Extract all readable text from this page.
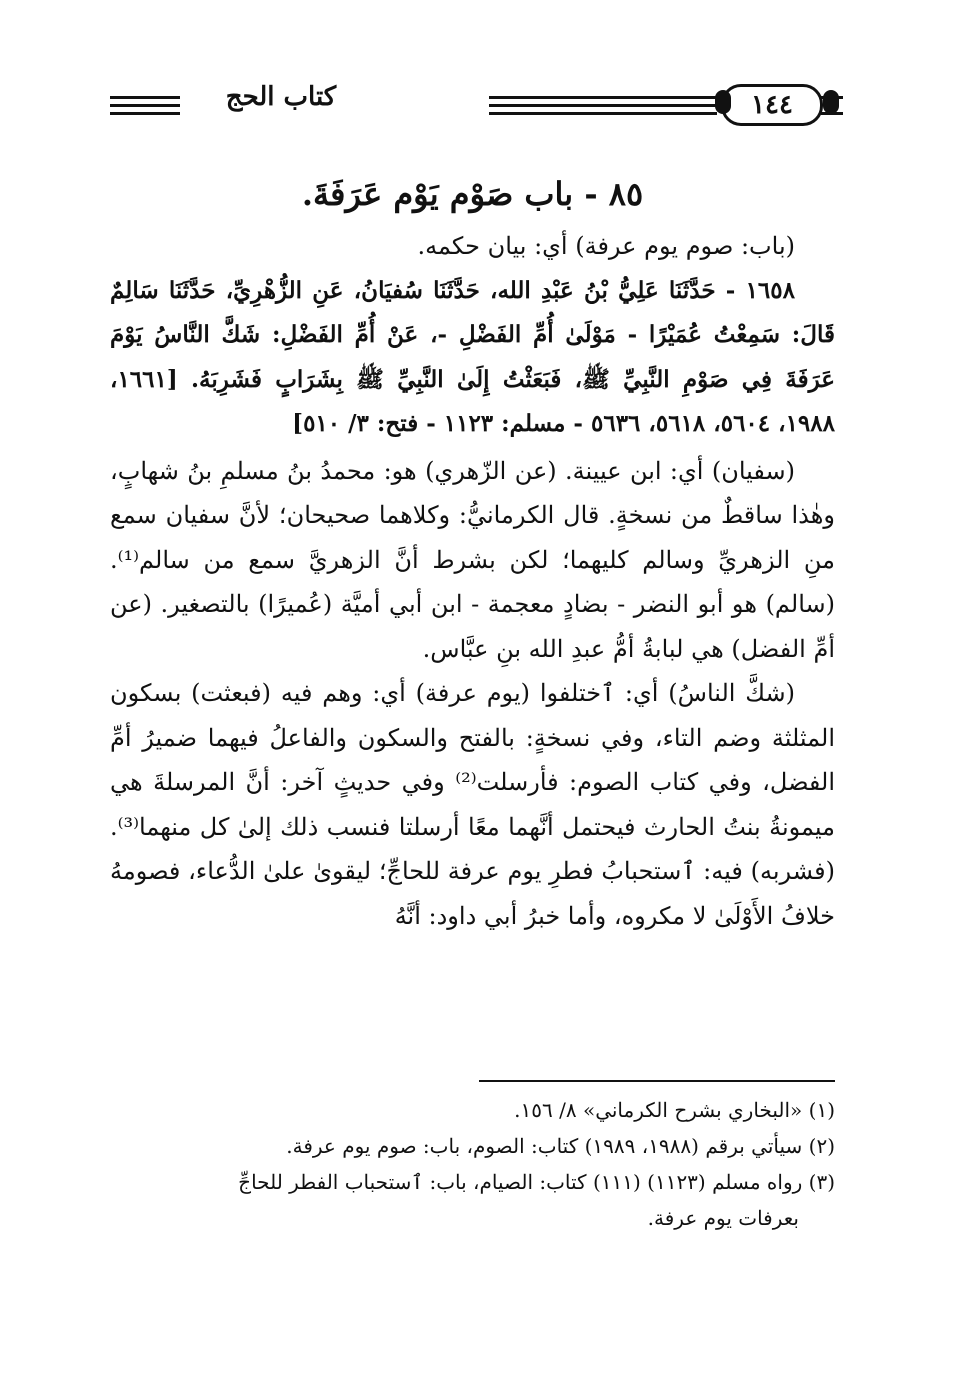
١٤٤
كتاب الحج
٨٥ - باب صَوْم يَوْم عَرَفَةَ.

(باب: صوم يوم عرفة) أي: بيان حكمه.

١٦٥٨ - حَدَّثَنَا عَلِيُّ بْنُ عَبْدِ الله، حَدَّثَنَا سُفيَانُ، عَنِ الزُّهْرِيِّ، حَدَّثَنَا سَالِمٌ قَالَ: سَمِعْتُ عُمَيْرًا - مَوْلَىٰ أُمِّ الفَضْلِ -، عَنْ أُمِّ الفَضْلِ: شَكَّ النَّاسُ يَوْمَ عَرَفَةَ فِي صَوْمِ النَّبِيِّ ﷺ، فَبَعَثْتُ إِلَىٰ النَّبِيِّ ﷺ بِشَرَابٍ فَشَرِبَهُ. [١٦٦١، ١٩٨٨، ٥٦٠٤، ٥٦١٨، ٥٦٣٦ - مسلم: ١١٢٣ - فتح: ٣/ ٥١٠]

(سفيان) أي: ابن عيينة. (عن الزّهري) هو: محمدُ بنُ مسلمِ بنُ شهابٍ، وهٰذا ساقطٌ من نسخةٍ. قال الكرمانيُّ: وكلاهما صحيحان؛ لأنَّ سفيان سمع منِ الزهريِّ وسالم كليهما؛ لكن بشرط أنَّ الزهريَّ سمع من سالم⁽¹⁾. (سالم) هو أبو النضر - بضادٍ معجمة - ابن أبي أميَّة (عُميرًا) بالتصغير. (عن أمِّ الفضل) هي لبابةُ أمُّ عبدِ الله بنِ عبَّاس.

(شكَّ الناسُ) أي: ٱختلفوا (يوم عرفة) أي: وهم فيه (فبعثت) بسكون المثلثة وضم التاء، وفي نسخةٍ: بالفتح والسكون والفاعلُ فيهما ضميرُ أمِّ الفضل، وفي كتاب الصوم: فأرسلت⁽²⁾ وفي حديثٍ آخر: أنَّ المرسلةَ هي ميمونةُ بنتُ الحارث فيحتمل أنَّهما معًا أرسلتا فنسب ذلك إلىٰ كل منهما⁽³⁾. (فشربه) فيه: ٱستحبابُ فطرِ يوم عرفة للحاجِّ؛ ليقوىٰ علىٰ الدُّعاء، فصومهُ خلافُ الأَوْلَىٰ لا مكروه، وأما خبرُ أبي داود: أنَّهُ

(١) «البخاري بشرح الكرماني» ٨/ ١٥٦.

(٢) سيأتي برقم (١٩٨٨، ١٩٨٩) كتاب: الصوم، باب: صوم يوم عرفة.

(٣) رواه مسلم (١١٢٣) (١١١) كتاب: الصيام، باب: ٱستحباب الفطر للحاجِّ

بعرفات يوم عرفة.
